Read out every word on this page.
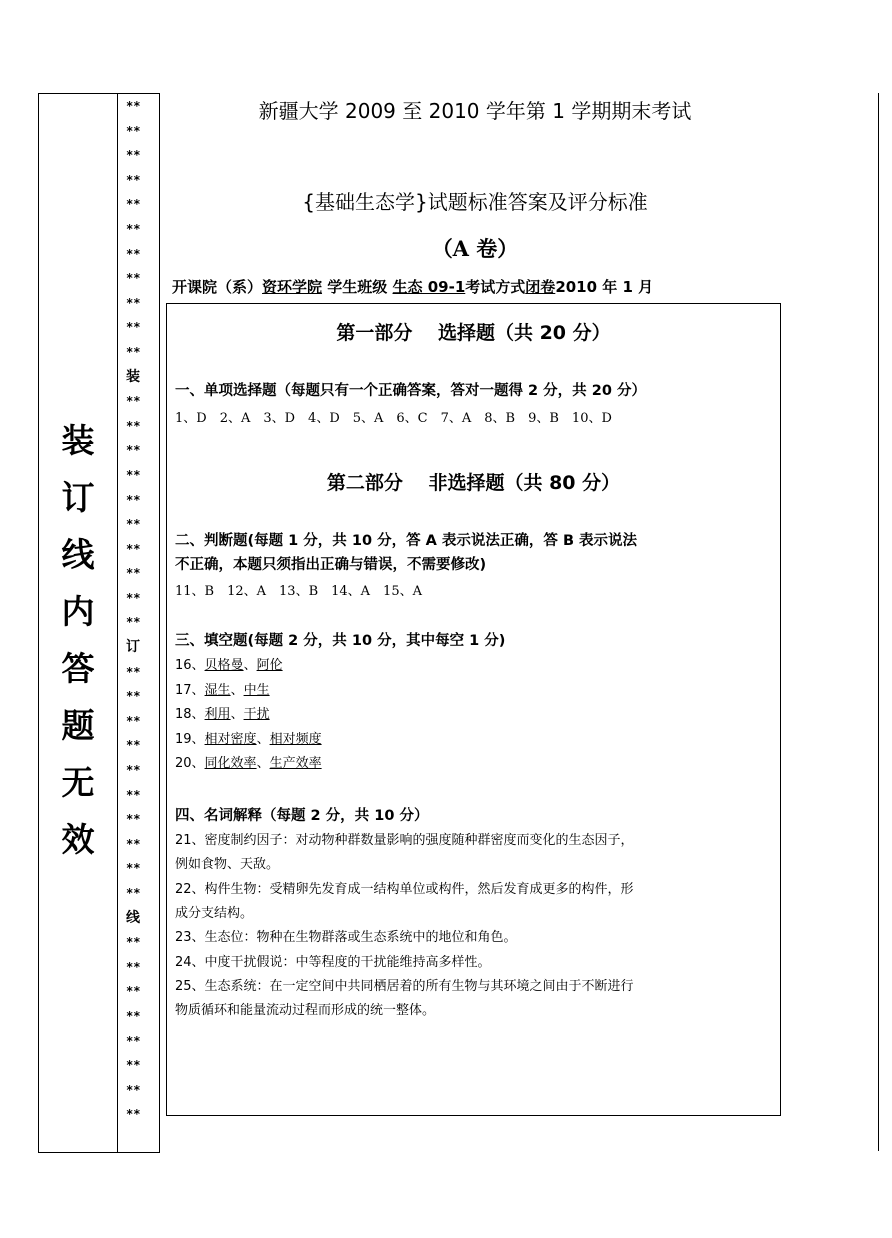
装
订
线
内
答
题
无
效
**
**
**
**
**
**
**
**
**
**
**
装
**
**
**
**
**
**
**
**
**
**
订
**
**
**
**
**
**
**
**
**
**
线
**
**
**
**
**
**
**
**
新疆大学 2009 至 2010 学年第 1 学期期末考试
{基础生态学}试题标准答案及评分标准
（A 卷）
开课院（系）资环学院 学生班级 生态 09-1考试方式闭卷2010 年 1 月
第一部分　 选择题（共 20 分）
一、单项选择题（每题只有一个正确答案，答对一题得 2 分，共 20 分）
1、D　2、A　3、D　4、D　5、A　6、C　7、A　8、B　9、B　10、D
第二部分　 非选择题（共 80 分）
二、判断题(每题 1 分，共 10 分，答 A 表示说法正确，答 B 表示说法
不正确，本题只须指出正确与错误，不需要修改)
11、B　12、A　13、B　14、A　15、A
三、填空题(每题 2 分，共 10 分，其中每空 1 分)
16、贝格曼、阿伦
17、湿生、中生
18、利用、干扰
19、相对密度、相对频度
20、同化效率、生产效率
四、名词解释（每题 2 分，共 10 分）
21、密度制约因子：对动物种群数量影响的强度随种群密度而变化的生态因子，
例如食物、天敌。
22、构件生物：受精卵先发育成一结构单位或构件，然后发育成更多的构件，形
成分支结构。
23、生态位：物种在生物群落或生态系统中的地位和角色。
24、中度干扰假说：中等程度的干扰能维持高多样性。
25、生态系统：在一定空间中共同栖居着的所有生物与其环境之间由于不断进行
物质循环和能量流动过程而形成的统一整体。
